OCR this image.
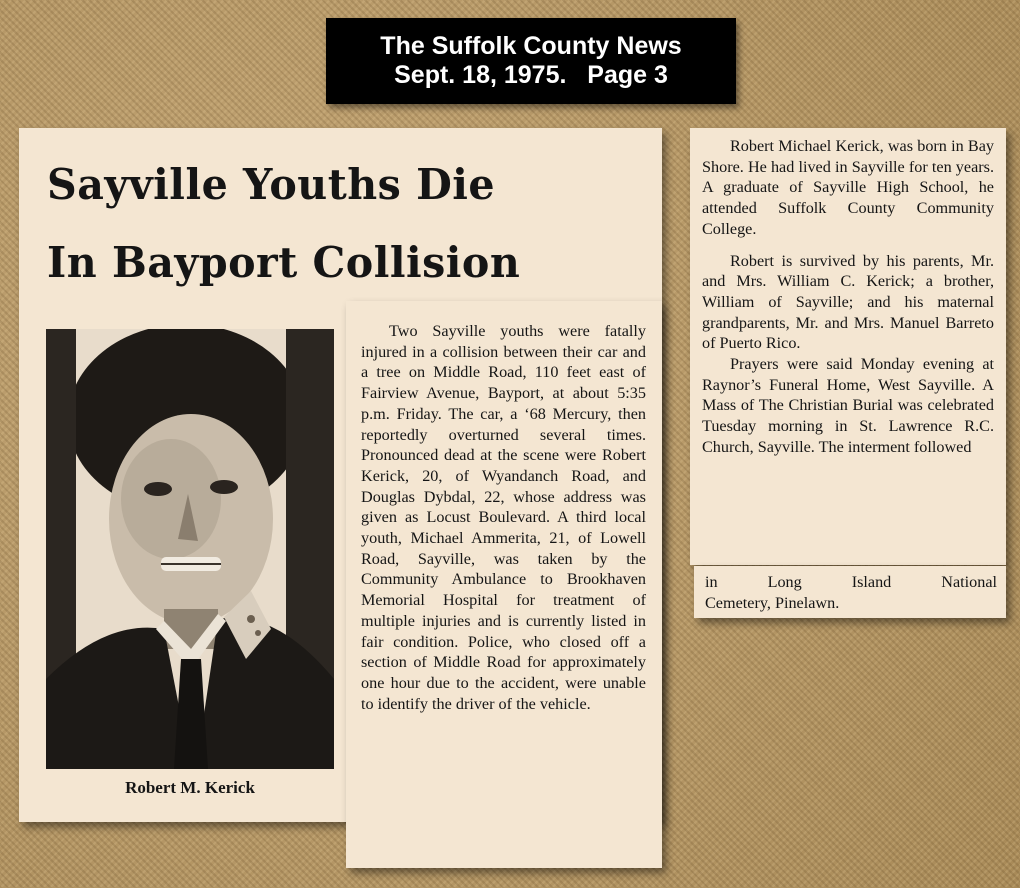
The Suffolk County News
Sept. 18, 1975.   Page 3
Sayville Youths Die
In Bayport Collision
Robert M. Kerick
Two Sayville youths were fatally injured in a collision between their car and a tree on Middle Road, 110 feet east of Fairview Avenue, Bayport, at about 5:35 p.m. Friday. The car, a ‘68 Mercury, then reportedly overturned several times. Pronounced dead at the scene were Robert Kerick, 20, of Wyandanch Road, and Douglas Dybdal, 22, whose address was given as Locust Boulevard. A third local youth, Michael Ammerita, 21, of Lowell Road, Sayville, was taken by the Community Ambulance to Brookhaven Memorial Hospital for treatment of multiple injuries and is currently listed in fair condition. Police, who closed off a section of Middle Road for approximately one hour due to the accident, were unable to identify the driver of the vehicle.

Robert Michael Kerick, was born in Bay Shore. He had lived in Sayville for ten years. A graduate of Sayville High School, he attended Suffolk County Community College.

Robert is survived by his parents, Mr. and Mrs. William C. Kerick; a brother, William of Sayville; and his maternal grandparents, Mr. and Mrs. Manuel Barreto of Puerto Rico.

Prayers were said Monday evening at Raynor’s Funeral Home, West Sayville. A Mass of The Christian Burial was celebrated Tuesday morning in St. Lawrence R.C. Church, Sayville. The interment followed

in Long Island National
Cemetery, Pinelawn.
